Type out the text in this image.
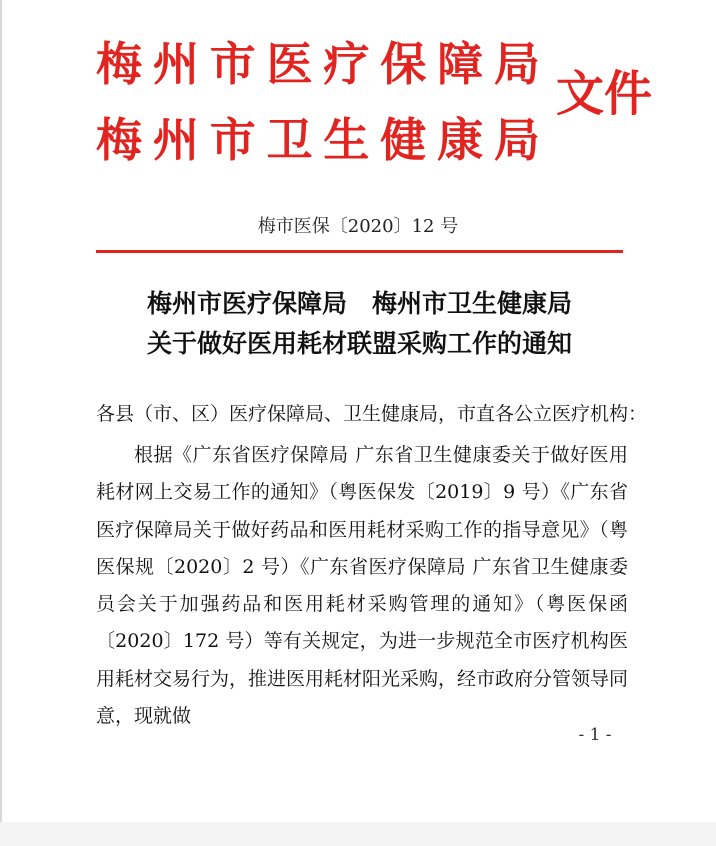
梅 州 市 医 疗 保 障 局
梅 州 市 卫 生 健 康 局
文件
梅市医保〔2020〕12 号
梅州市医疗保障局　梅州市卫生健康局
关于做好医用耗材联盟采购工作的通知
各县（市、区）医疗保障局、卫生健康局，市直各公立医疗机构：

根据《广东省医疗保障局 广东省卫生健康委关于做好医用耗材网上交易工作的通知》（粤医保发〔2019〕9 号）《广东省医疗保障局关于做好药品和医用耗材采购工作的指导意见》（粤医保规〔2020〕2 号）《广东省医疗保障局 广东省卫生健康委员会关于加强药品和医用耗材采购管理的通知》（粤医保函〔2020〕172 号）等有关规定，为进一步规范全市医疗机构医用耗材交易行为，推进医用耗材阳光采购，经市政府分管领导同意，现就做

- 1 -
